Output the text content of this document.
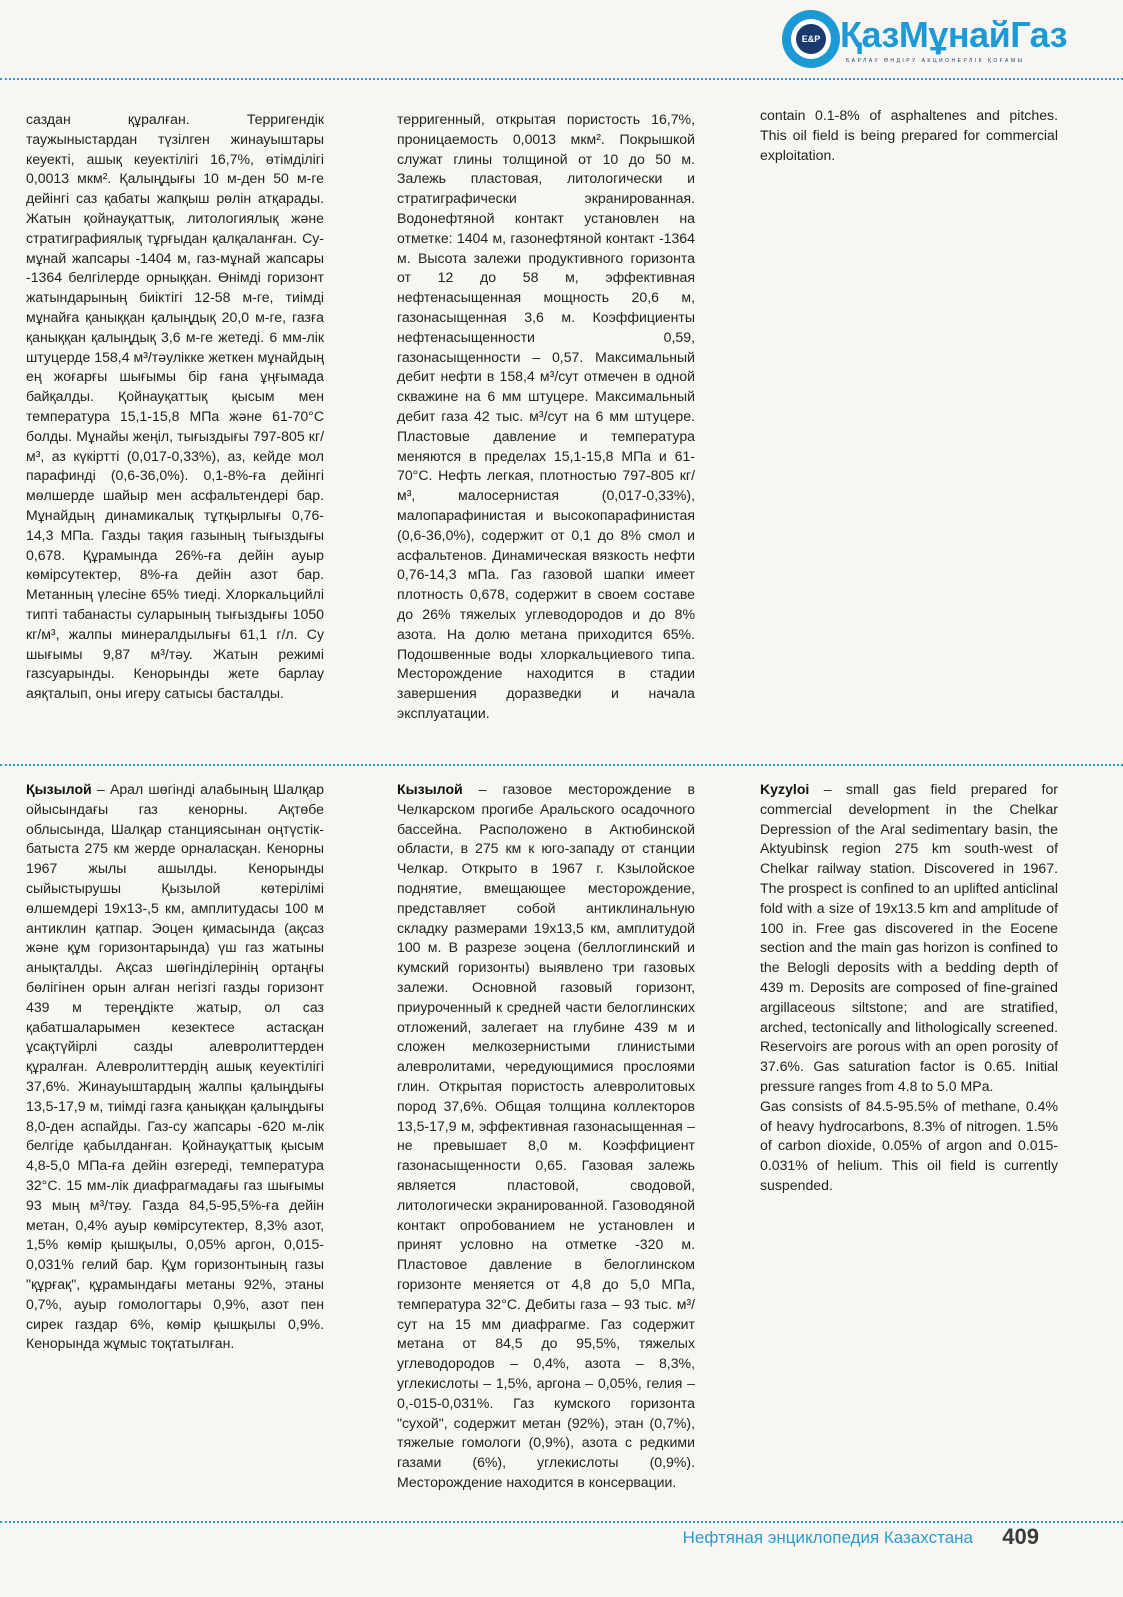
E&P ҚазМұнайГаз
БАРЛАУ ӨНДІРУ АКЦИОНЕРЛІК ҚОҒАМЫ

саздан құралған. Терригендік таужыныстардан түзілген жинауыштары кеуекті, ашық кеуектілігі 16,7%, өтімділігі 0,0013 мкм². Қалыңдығы 10 м-ден 50 м-ге дейінгі саз қабаты жапқыш рөлін атқарады. Жатын қойнауқаттық, литологиялық және стратиграфиялық тұрғыдан қалқаланған. Су-мұнай жапсары -1404 м, газ-мұнай жапсары -1364 белгілерде орныққан. Өнімді горизонт жатындарының биіктігі 12-58 м-ге, тиімді мұнайға қаныққан қалыңдық 20,0 м-ге, газға қаныққан қалыңдық 3,6 м-ге жетеді. 6 мм-лік штуцерде 158,4 м³/тәулікке жеткен мұнайдың ең жоғарғы шығымы бір ғана ұңғымада байқалды. Қойнауқаттық қысым мен температура 15,1-15,8 МПа және 61-70°С болды. Мұнайы жеңіл, тығыздығы 797-805 кг/м³, аз күкіртті (0,017-0,33%), аз, кейде мол парафинді (0,6-36,0%). 0,1-8%-ға дейінгі мөлшерде шайыр мен асфальтендері бар. Мұнайдың динамикалық тұтқырлығы 0,76-14,3 МПа. Газды тақия газының тығыздығы 0,678. Құрамында 26%-ға дейін ауыр көмірсутектер, 8%-ға дейін азот бар. Метанның үлесіне 65% тиеді. Хлоркальцийлі типті табанасты суларының тығыздығы 1050 кг/м³, жалпы минералдылығы 61,1 г/л. Су шығымы 9,87 м³/тәу. Жатын режимі газсуарынды. Кенорынды жете барлау аяқталып, оны игеру сатысы басталды.

терригенный, открытая пористость 16,7%, проницаемость 0,0013 мкм². Покрышкой служат глины толщиной от 10 до 50 м. Залежь пластовая, литологически и стратиграфически экранированная. Водонефтяной контакт установлен на отметке: 1404 м, газонефтяной контакт -1364 м. Высота залежи продуктивного горизонта от 12 до 58 м, эффективная нефтенасыщенная мощность 20,6 м, газонасыщенная 3,6 м. Коэффициенты нефтенасыщенности 0,59, газонасыщенности – 0,57. Максимальный дебит нефти в 158,4 м³/сут отмечен в одной скважине на 6 мм штуцере. Максимальный дебит газа 42 тыс. м³/сут на 6 мм штуцере. Пластовые давление и температура меняются в пределах 15,1-15,8 МПа и 61-70°С. Нефть легкая, плотностью 797-805 кг/м³, малосернистая (0,017-0,33%), малопарафинистая и высокопарафинистая (0,6-36,0%), содержит от 0,1 до 8% смол и асфальтенов. Динамическая вязкость нефти 0,76-14,3 мПа. Газ газовой шапки имеет плотность 0,678, содержит в своем составе до 26% тяжелых углеводородов и до 8% азота. На долю метана приходится 65%. Подошвенные воды хлоркальциевого типа. Месторождение находится в стадии завершения доразведки и начала эксплуатации.

contain 0.1-8% of asphaltenes and pitches. This oil field is being prepared for commercial exploitation.

Қызылой – Арал шөгінді алабының Шалқар ойысындағы газ кенорны. Ақтөбе облысында, Шалқар станциясынан оңтүстік-батыста 275 км жерде орналасқан. Кенорны 1967 жылы ашылды. Кенорынды сыйыстырушы Қызылой көтерілімі өлшемдері 19х13-,5 км, амплитудасы 100 м антиклин қатпар. Эоцен қимасында (ақсаз және құм горизонтарында) үш газ жатыны анықталды. Ақсаз шөгінділерінің ортаңғы бөлігінен орын алған негізгі газды горизонт 439 м тереңдікте жатыр, ол саз қабатшаларымен кезектесе астасқан ұсақтүйірлі сазды алевролиттерден құралған. Алевролиттердің ашық кеуектілігі 37,6%. Жинауыштардың жалпы қалыңдығы 13,5-17,9 м, тиімді газға қаныққан қалыңдығы 8,0-ден аспайды. Газ-су жапсары -620 м-лік белгіде қабылданған. Қойнауқаттық қысым 4,8-5,0 МПа-ға дейін өзгереді, температура 32°С. 15 мм-лік диафрагмадағы газ шығымы 93 мың м³/тәу. Газда 84,5-95,5%-ға дейін метан, 0,4% ауыр көмірсутектер, 8,3% азот, 1,5% көмір қышқылы, 0,05% аргон, 0,015-0,031% гелий бар. Құм горизонтының газы "құрғақ", құрамындағы метаны 92%, этаны 0,7%, ауыр гомологтары 0,9%, азот пен сирек газдар 6%, көмір қышқылы 0,9%. Кенорында жұмыс тоқтатылған.

Кызылой – газовое месторождение в Челкарском прогибе Аральского осадочного бассейна. Расположено в Актюбинской области, в 275 км к юго-западу от станции Челкар. Открыто в 1967 г. Кзылойское поднятие, вмещающее месторождение, представляет собой антиклинальную складку размерами 19х13,5 км, амплитудой 100 м. В разрезе эоцена (беллоглинский и кумский горизонты) выявлено три газовых залежи. Основной газовый горизонт, приуроченный к средней части белоглинских отложений, залегает на глубине 439 м и сложен мелкозернистыми глинистыми алевролитами, чередующимися прослоями глин. Открытая пористость алевролитовых пород 37,6%. Общая толщина коллекторов 13,5-17,9 м, эффективная газонасыщенная – не превышает 8,0 м. Коэффициент газонасыщенности 0,65. Газовая залежь является пластовой, сводовой, литологически экранированной. Газоводяной контакт опробованием не установлен и принят условно на отметке -320 м. Пластовое давление в белоглинском горизонте меняется от 4,8 до 5,0 МПа, температура 32°С. Дебиты газа – 93 тыс. м³/сут на 15 мм диафрагме. Газ содержит метана от 84,5 до 95,5%, тяжелых углеводородов – 0,4%, азота – 8,3%, углекислоты – 1,5%, аргона – 0,05%, гелия – 0,-015-0,031%. Газ кумского горизонта "сухой", содержит метан (92%), этан (0,7%), тяжелые гомологи (0,9%), азота с редкими газами (6%), углекислоты (0,9%). Месторождение находится в консервации.

Kyzyloi – small gas field prepared for commercial development in the Chelkar Depression of the Aral sedimentary basin, the Aktyubinsk region 275 km south-west of Chelkar railway station. Discovered in 1967. The prospect is confined to an uplifted anticlinal fold with a size of 19x13.5 km and amplitude of 100 in. Free gas discovered in the Eocene section and the main gas horizon is confined to the Belogli deposits with a bedding depth of 439 m. Deposits are composed of fine-grained argillaceous siltstone; and are stratified, arched, tectonically and lithologically screened. Reservoirs are porous with an open porosity of 37.6%. Gas saturation factor is 0.65. Initial pressure ranges from 4.8 to 5.0 MPa.

Gas consists of 84.5-95.5% of methane, 0.4% of heavy hydrocarbons, 8.3% of nitrogen. 1.5% of carbon dioxide, 0.05% of argon and 0.015-0.031% of helium. This oil field is currently suspended.

Нефтяная энциклопедия Казахстана 409
